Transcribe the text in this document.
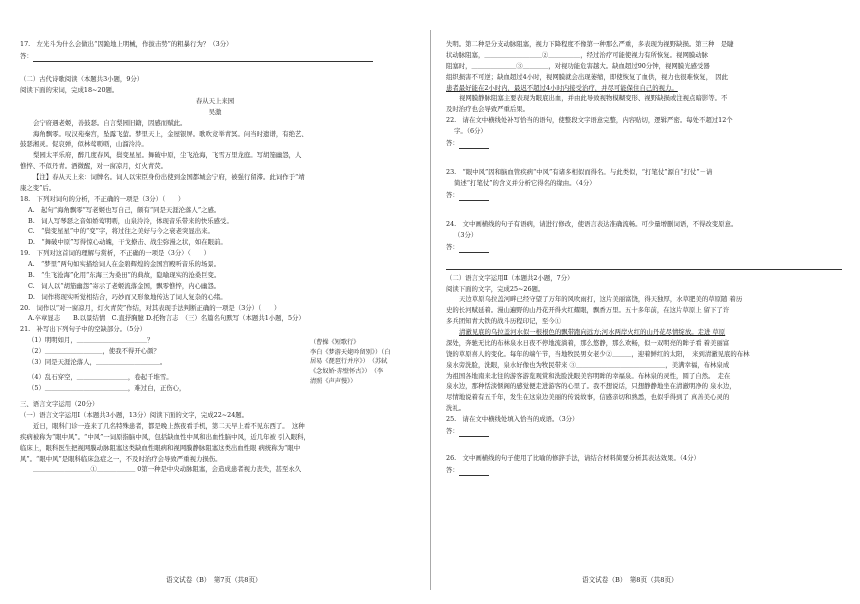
17.　左光斗为什么会做出“因跪地上明械，作拔击势”的粗暴行为？（3分）

答：

（二）古代诗歌阅读（本题共3小题，9分）

阅读下面的宋词，完成18~20题。

春从天上来园

吴激

会宁府遇老姬，善鼓瑟。自言梨园旧籍，因感而赋此。

海角飘零。叹汉苑秦宫，坠露飞萤。梦里天上，金屋银屏。歌吹竞举青冥。问当时遗谱，有绝艺、

鼓瑟湘灵。促哀弹，似林莺呖呖，山溜泠泠。

梨园太平乐府，醉几度春风，鬓变星星。舞破中原，尘飞沧海，飞雪万里龙庭。写胡笳幽怨，人

憔悴、不似丹青。酒微醒，对一窗凉月，灯火青荧。

【注】春从天上来：词牌名。词人以宋臣身份出使到金国都城会宁府，被强行留滞。此词作于“靖

康之变”后。

18.　下列对词句的分析，不正确的一项是（3分）（　　）

A.　起句“海角飘零”写老姬也写自己，颇有“同是天涯沦落人”之感。

B.　词人写琴瑟之音如娇莺明呖，山泉泠泠，体现音乐带来的快乐感受。

C.　“鬓变星星”中的“变”字，将过往之美好与今之衰老突显出来。

D.　“舞破中原”写得惊心动魄，干戈撩击、战尘弥漫之状，如在眼前。

19.　下列对这首词的理解与赏析，不正确的一项是（3分）（　　）

A.　“梦里”两句如实描绘词人在金碧辉煌的金国宫殿听音乐的场景。

B.　“生飞沧海”化用“东海三为桑田”的典故，隐喻现实的沧桑巨变。

C.　词人以“胡笳幽怨”寄示了老姬流落金国，飘零憔悴，内心幽怨。

D.　词作将现实听觉相结合，巧妙而又形象地传达了词人复杂的心绪。

20.　词作以“对一窗凉月，灯火青荧”作结，对其表现手法判断正确的一项是（3分）（　　）

A.卒章显志　　B.以景结情　C.直抒胸臆 D.托物言志　（三）名篇名句默写（本题共1小题，5分）

21.　补写出下列句子中的空缺部分。（5分）

（1）明明如月，＿＿＿＿＿＿＿＿＿＿＿？

（2）＿＿＿＿＿＿＿＿＿，使我不得开心颜？

（3）同是天涯沦落人，＿＿＿＿＿＿＿＿＿＿。

（4）乱石穿空，＿＿＿＿＿＿＿＿，卷起千堆雪。

（5）＿＿＿＿＿＿＿＿＿＿＿＿＿，难过白，正伤心，

（曹操《短歌行》
李白《梦游天姥吟留别》）（白
居易《琵琶行并序》）　（苏轼
《念奴娇·赤壁怀古》）　（李
清照《声声慢》）

三、语言文字运用（20分）

（一）语言文字运用Ⅰ（本题共3小题，13分）阅读下面的文字，完成22~24题。

近日，眼科门诊一连来了几名特殊患者，都是晚上熬夜看手机，第二天早上看不见东西了。　这种

疾病被称为“眼中风”。“中风”一词原指脑中风，包括缺血性中风和出血性脑中风，近几年被 引入眼科，

临床上，眼科医生把视网膜动脉阻塞这类缺血性眼病和视网膜静脉阻塞这类出血性眼 病统称为“眼中

风”。“眼中风”是眼科临床急症之一，不及时治疗会导致严重视力损伤。

＿＿＿＿＿＿＿＿＿①＿＿＿＿＿＿ 0第一种是中央动脉阻塞，会造成患者视力丧失，甚至永久

语文试卷（B）　第7页（共8页）

失明。第二种是分支动脉阻塞，视力下降程度不像第一种那么严重，多表现为视野缺损。第三种　是睫

状动脉阻塞，＿＿＿＿＿＿＿＿＿②＿＿＿＿＿，经过治疗可能使视力有所恢复。视网膜动脉

阻塞时，＿＿＿＿＿＿＿③＿＿＿＿，对视功能危害越大。缺血超过90分钟，视网膜光感受器

组织损害不可逆；缺血超过4小时，视网膜就会出现萎缩，即使恢复了血供，视力也很难恢复，　因此

患者最好能在2小时内，最迟不超过4小时内接受治疗，并尽可能保住自己的视力。

视网膜静脉阻塞主要表现为眼底出血，并由此导致视物模糊变形、视野缺损或注视点暗影等。不

及时治疗也会导致严重后果。

22.　请在文中横线处补写恰当的语句，使整段文字语意完整，内容贴切，逻辑严密。每处不超过12个

字。（6分）

答：

23.　“眼中风”因和脑血管疾病“中风”有诸多相似而得名。与此类似，“打笔仗”源自“打仗”－请

简述“打笔仗”的含义并分析它得名的缘由。（4分）

答：

24.　文中画横线的句子有语病，请进行修改，使语言表达准确流畅。可少量增删词语，不得改变原意。

（3分）

答：

（二）语言文字运用Ⅱ（本题共2小题，7分）

阅读下面的文字，完成25~26题。

天边草原乌拉盖河畔已经守望了万年的风吹雨打，这片美丽富饶，得天独厚，水草肥美的草原随 着历

史的长河赋延着。漫山遍野的山丹花开得火红耀眼，飘香万里。五十多年前，在这片草原上 留下了许

多兵团知青大铁的战斗历程印记，至今①

清澈见底的乌拉盖河水似一根根色的飘带跑向远方;河水两岸火红的山丹花尽情绽放。走进 草原

深处，奔驰无比的布林泉水日夜不停地流淌着，那么悠静，那么欢畅，似一双明亮的眸子看 着美丽富

饶的草原喜人的变化。每年的端午节，当地牧民男女老少②＿＿＿，迎着鲜红的太阳，　来到清澈见底的布林

泉水旁洗脸，洗眼，泉水好像也为牧民带来 ③＿＿＿＿＿＿＿＿＿＿＿＿＿＿，美满幸福，布林泉成

为祖国各地南来北往的游客游览观赏和洗脸洗眼美容明眸的幸福泉。布林泉的灵性，圆了自然。　走在

泉水边，那种恬淡惬阁的感觉便走进游客的心里了。我不想说话，只想静静地坐在清澈明净的 泉水边，

尽情地说着有五千年，发生在这泉边美丽的传说故事，信感亲切和熟悉，也似乎得到了 真善美心灵的

洗礼。

25.　请在文中横线处填入恰当的成语。（3分）

答：

26.　文中画横线的句子使用了比喻的修辞手法，请结合材料简要分析其表达效果。（4分）

答：

语文试卷（B）　第8页（共8页）
